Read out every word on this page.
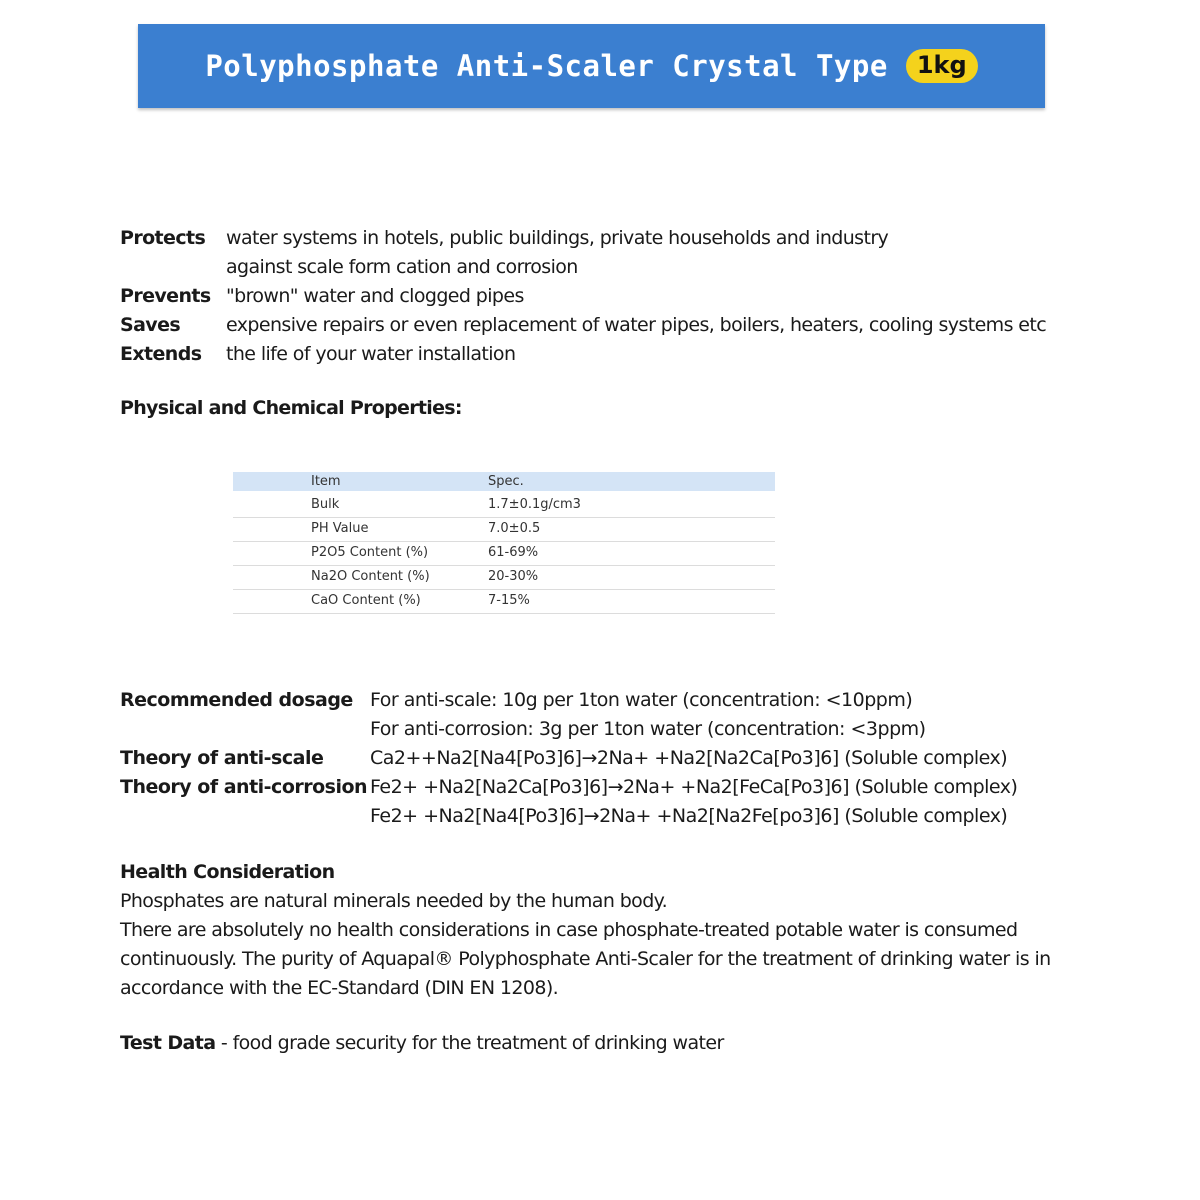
Polyphosphate Anti-Scaler Crystal Type	1kg
Protects	water systems in hotels, public buildings, private households and industry
against scale form cation and corrosion
Prevents "brown" water and clogged pipes
Saves	expensive repairs or even replacement of water pipes, boilers, heaters, cooling systems etc
Extends	the life of your water installation
Physical and Chemical Properties:
Item	Spec.
Bulk	1.7±0.1g/cm3
PH Value	7.0±0.5
P2O5 Content (%)	61-69%
Na2O Content (%)	20-30%
CaO Content (%)	7-15%
Recommended dosage For anti-scale: 10g per 1ton water (concentration: <10ppm)
For anti-corrosion: 3g per 1ton water (concentration: <3ppm)
Theory of anti-scale	Ca2++Na2[Na4[Po3]6]→2Na+ +Na2[Na2Ca[Po3]6] (Soluble complex)
Theory of anti-corrosion Fe2+ +Na2[Na2Ca[Po3]6]→2Na+ +Na2[FeCa[Po3]6] (Soluble complex)
Fe2+ +Na2[Na4[Po3]6]→2Na+ +Na2[Na2Fe[po3]6] (Soluble complex)
Health Consideration
Phosphates are natural minerals needed by the human body.
There are absolutely no health considerations in case phosphate-treated potable water is consumed
continuously. The purity of Aquapal® Polyphosphate Anti-Scaler for the treatment of drinking water is in
accordance with the EC-Standard (DIN EN 1208).
Test Data - food grade security for the treatment of drinking water
